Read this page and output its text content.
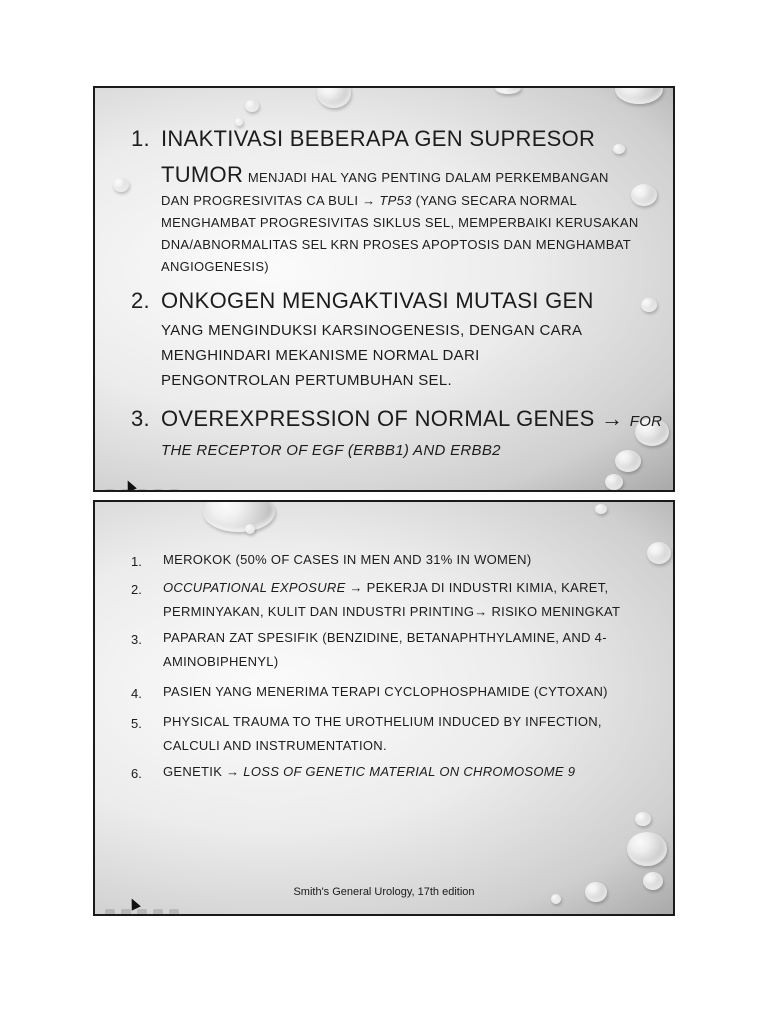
1. INAKTIVASI BEBERAPA GEN SUPRESOR
TUMOR MENJADI HAL YANG PENTING DALAM PERKEMBANGAN
DAN PROGRESIVITAS CA BULI → TP53 (YANG SECARA NORMAL
MENGHAMBAT PROGRESIVITAS SIKLUS SEL, MEMPERBAIKI KERUSAKAN
DNA/ABNORMALITAS SEL KRN PROSES APOPTOSIS DAN MENGHAMBAT
ANGIOGENESIS)
2. ONKOGEN MENGAKTIVASI MUTASI GEN
YANG MENGINDUKSI KARSINOGENESIS, DENGAN CARA
MENGHINDARI MEKANISME NORMAL DARI
PENGONTROLAN PERTUMBUHAN SEL.
3. OVEREXPRESSION OF NORMAL GENES → FOR
THE RECEPTOR OF EGF (ERBB1) AND ERBB2
1. MEROKOK (50% OF CASES IN MEN AND 31% IN WOMEN)
2. OCCUPATIONAL EXPOSURE → PEKERJA DI INDUSTRI KIMIA, KARET,
PERMINYAKAN, KULIT DAN INDUSTRI PRINTING→ RISIKO MENINGKAT
3. PAPARAN ZAT SPESIFIK (BENZIDINE, BETANAPHTHYLAMINE, AND 4-
AMINOBIPHENYL)
4. PASIEN YANG MENERIMA TERAPI CYCLOPHOSPHAMIDE (CYTOXAN)
5. PHYSICAL TRAUMA TO THE UROTHELIUM INDUCED BY INFECTION,
CALCULI AND INSTRUMENTATION.
6. GENETIK → LOSS OF GENETIC MATERIAL ON CHROMOSOME 9
Smith's General Urology, 17th edition
